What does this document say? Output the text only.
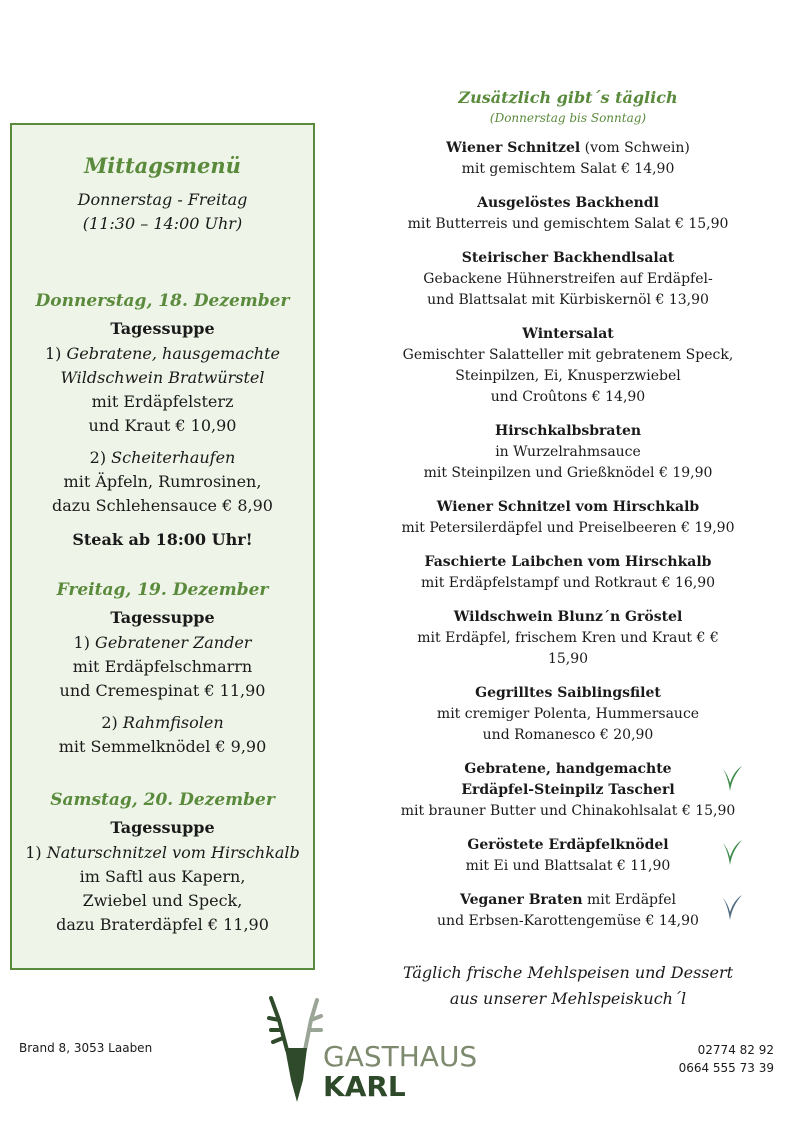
Mittagsmenü
Donnerstag - Freitag
(11:30 – 14:00 Uhr)
Donnerstag, 18. Dezember
Tagessuppe
1) Gebratene, hausgemachte
Wildschwein Bratwürstel
mit Erdäpfelsterz
und Kraut € 10,90
2) Scheiterhaufen
mit Äpfeln, Rumrosinen,
dazu Schlehensauce € 8,90
Steak ab 18:00 Uhr!
Freitag, 19. Dezember
Tagessuppe
1) Gebratener Zander
mit Erdäpfelschmarrn
und Cremespinat € 11,90
2) Rahmfisolen
mit Semmelknödel € 9,90
Samstag, 20. Dezember
Tagessuppe
1) Naturschnitzel vom Hirschkalb
im Saftl aus Kapern,
Zwiebel und Speck,
dazu Braterdäpfel € 11,90
Zusätzlich gibt´s täglich
(Donnerstag bis Sonntag)
Wiener Schnitzel (vom Schwein)
mit gemischtem Salat € 14,90
Ausgelöstes Backhendl
mit Butterreis und gemischtem Salat € 15,90
Steirischer Backhendlsalat
Gebackene Hühnerstreifen auf Erdäpfel-
und Blattsalat mit Kürbiskernöl € 13,90
Wintersalat
Gemischter Salatteller mit gebratenem Speck,
Steinpilzen, Ei, Knusperzwiebel
und Croûtons € 14,90
Hirschkalbsbraten
in Wurzelrahmsauce
mit Steinpilzen und Grießknödel € 19,90
Wiener Schnitzel vom Hirschkalb
mit Petersilerdäpfel und Preiselbeeren € 19,90
Faschierte Laibchen vom Hirschkalb
mit Erdäpfelstampf und Rotkraut € 16,90
Wildschwein Blunz´n Gröstel
mit Erdäpfel, frischem Kren und Kraut € € 15,90
Gegrilltes Saiblingsfilet
mit cremiger Polenta, Hummersauce
und Romanesco € 20,90
Gebratene, handgemachte
Erdäpfel-Steinpilz Tascherl
mit brauner Butter und Chinakohlsalat € 15,90
Geröstete Erdäpfelknödel
mit Ei und Blattsalat € 11,90
Veganer Braten mit Erdäpfel
und Erbsen-Karottengemüse € 14,90
Täglich frische Mehlspeisen und Dessert
aus unserer Mehlspeiskuch´l
Brand 8, 3053 Laaben	GASTHAUS
KARL
02774 82 92
0664 555 73 39
